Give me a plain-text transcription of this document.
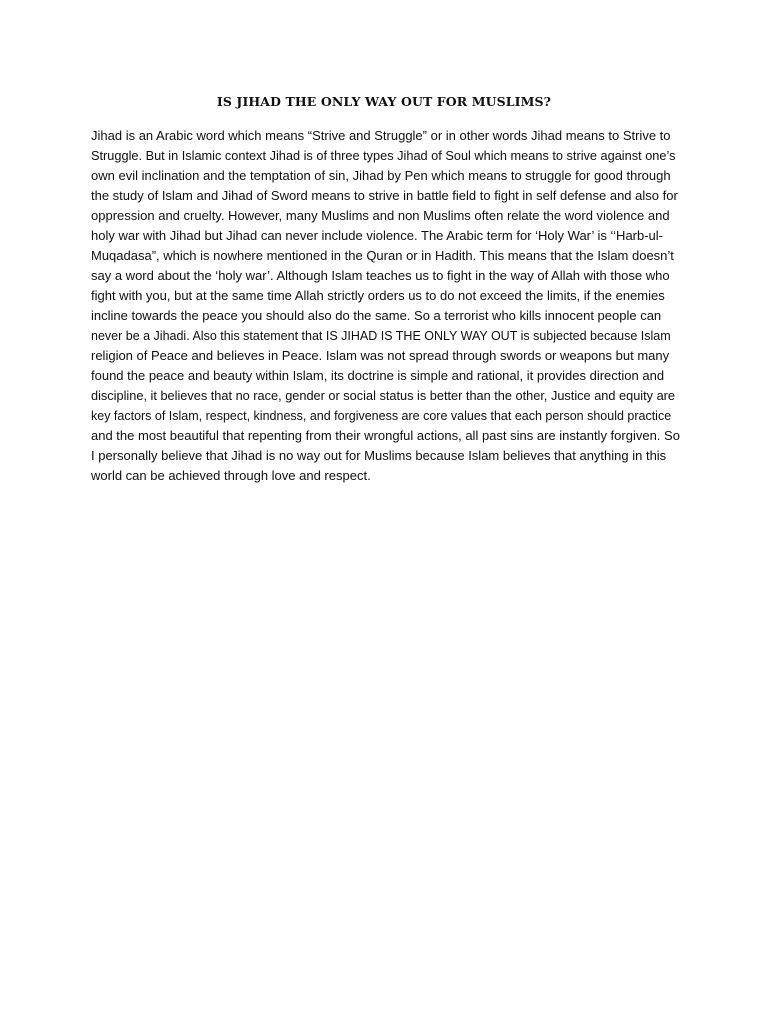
IS JIHAD THE ONLY WAY OUT FOR MUSLIMS?
Jihad is an Arabic word which means “Strive and Struggle” or in other words Jihad means to Strive to
Struggle. But in Islamic context Jihad is of three types Jihad of Soul which means to strive against one’s
own evil inclination and the temptation of sin, Jihad by Pen which means to struggle for good through
the study of Islam and Jihad of Sword means to strive in battle field to fight in self defense and also for
oppression and cruelty. However, many Muslims and non Muslims often relate the word violence and
holy war with Jihad but Jihad can never include violence. The Arabic term for ‘Holy War’ is ‘‘Harb-ul-
Muqadasa”, which is nowhere mentioned in the Quran or in Hadith. This means that the Islam doesn’t
say a word about the ‘holy war’. Although Islam teaches us to fight in the way of Allah with those who
fight with you, but at the same time Allah strictly orders us to do not exceed the limits, if the enemies
incline towards the peace you should also do the same. So a terrorist who kills innocent people can
never be a Jihadi. Also this statement that IS JIHAD IS THE ONLY WAY OUT is subjected because Islam
religion of Peace and believes in Peace. Islam was not spread through swords or weapons but many
found the peace and beauty within Islam, its doctrine is simple and rational, it provides direction and
discipline, it believes that no race, gender or social status is better than the other, Justice and equity are
key factors of Islam, respect, kindness, and forgiveness are core values that each person should practice
and the most beautiful that repenting from their wrongful actions, all past sins are instantly forgiven. So
I personally believe that Jihad is no way out for Muslims because Islam believes that anything in this
world can be achieved through love and respect.
